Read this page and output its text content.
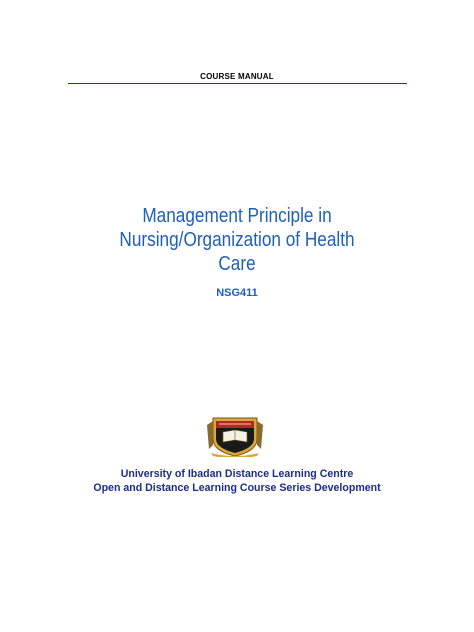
COURSE MANUAL
Management Principle in
Nursing/Organization of Health
Care
NSG411
University of Ibadan Distance Learning Centre
Open and Distance Learning Course Series Development
